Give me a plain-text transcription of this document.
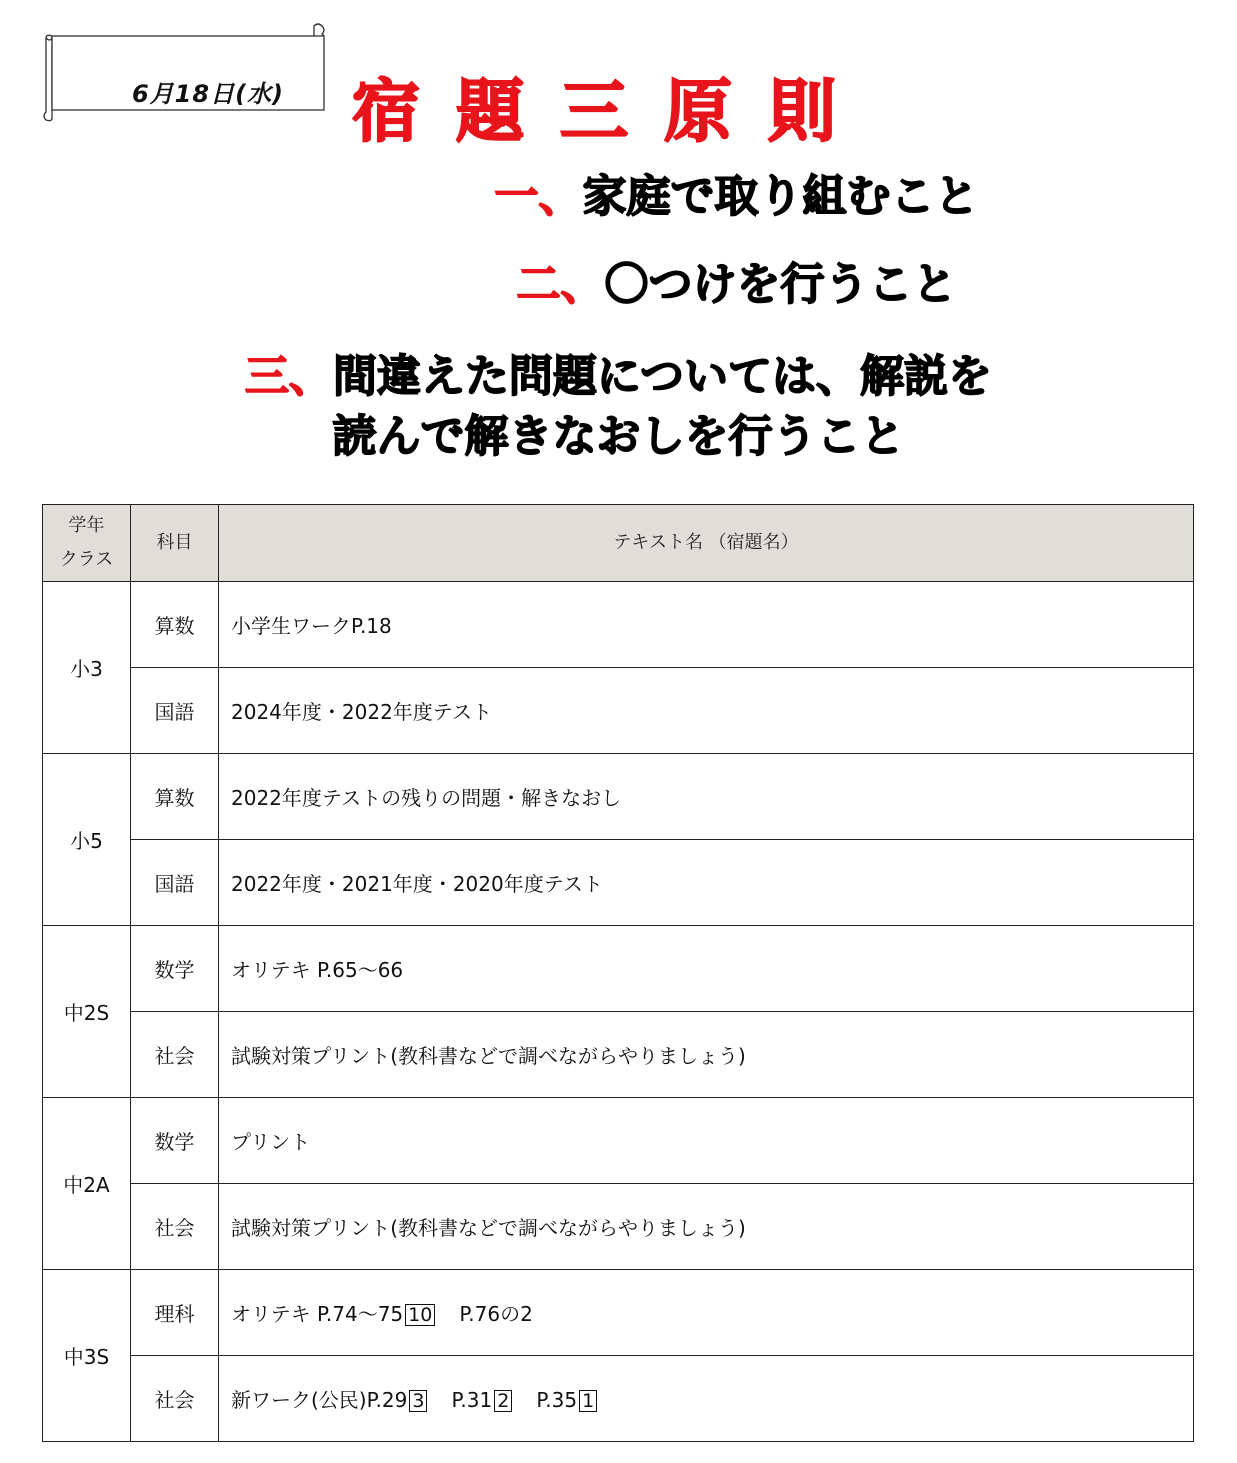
6月18日(水) 宿題三原則
一、家庭で取り組むこと
二、〇つけを行うこと
三、間違えた問題については、解説を
読んで解きなおしを行うこと
学年
クラス	科目	テキスト名 （宿題名）
小3	算数	小学生ワークP.18
	国語	2024年度・2022年度テスト
小5	算数	2022年度テストの残りの問題・解きなおし
	国語	2022年度・2021年度・2020年度テスト
中2S	数学	オリテキ P.65～66
	社会	試験対策プリント(教科書などで調べながらやりましょう)
中2A	数学	プリント
	社会	試験対策プリント(教科書などで調べながらやりましょう)
中3S	理科	オリテキ P.74～75 10 P.76の2
	社会	新ワーク(公民)P.29 3 P.31 2 P.35 1
